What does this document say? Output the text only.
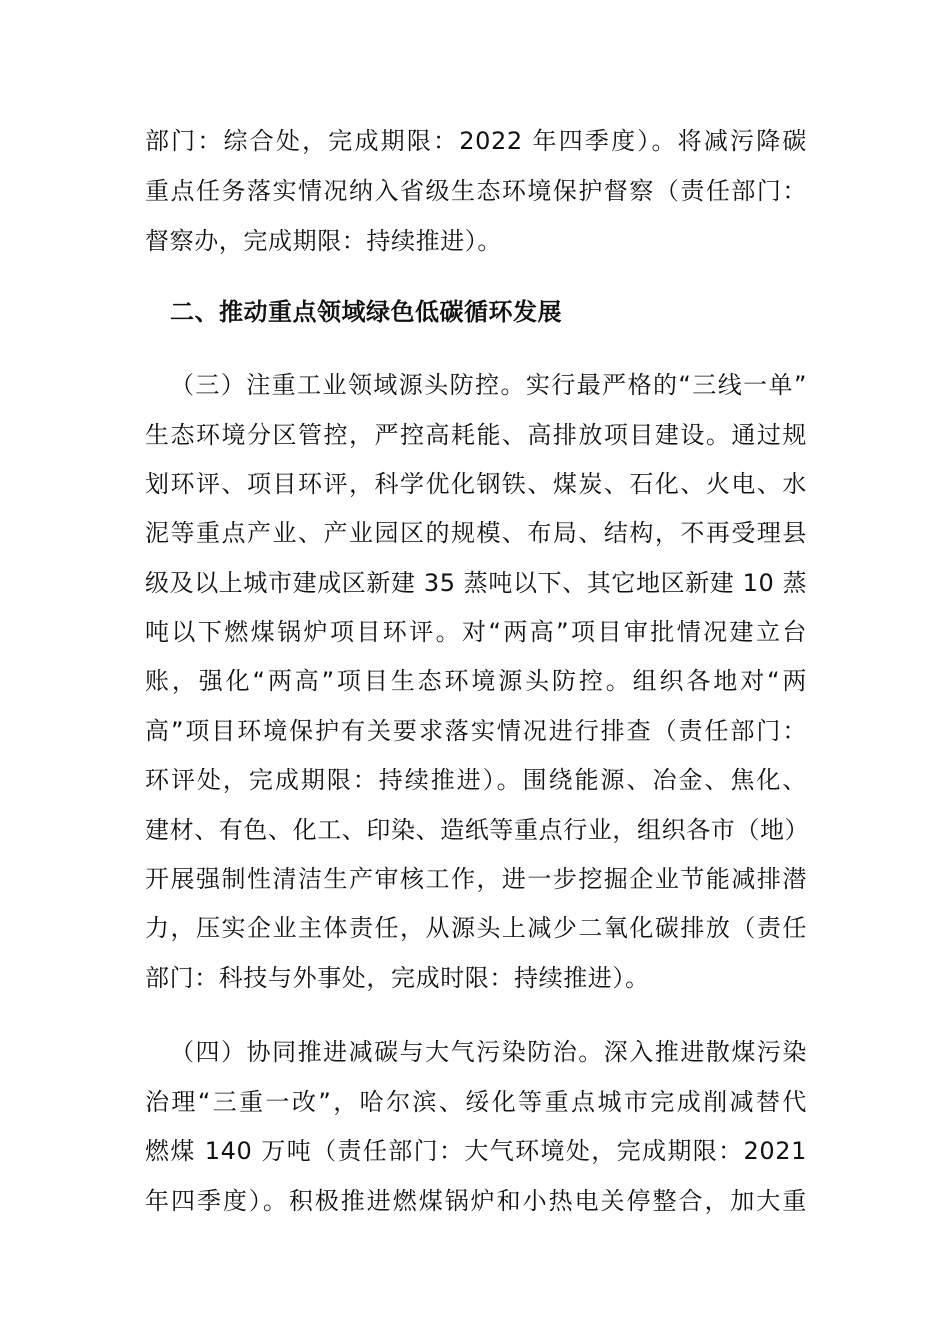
部门：综合处，完成期限：2022 年四季度）。将减污降碳
重点任务落实情况纳入省级生态环境保护督察（责任部门：
督察办，完成期限：持续推进）。
二、推动重点领域绿色低碳循环发展
（三）注重工业领域源头防控。实行最严格的“三线一单”
生态环境分区管控，严控高耗能、高排放项目建设。通过规
划环评、项目环评，科学优化钢铁、煤炭、石化、火电、水
泥等重点产业、产业园区的规模、布局、结构，不再受理县
级及以上城市建成区新建 35 蒸吨以下、其它地区新建 10 蒸
吨以下燃煤锅炉项目环评。对“两高”项目审批情况建立台
账，强化“两高”项目生态环境源头防控。组织各地对“两
高”项目环境保护有关要求落实情况进行排查（责任部门：
环评处，完成期限：持续推进）。围绕能源、冶金、焦化、
建材、有色、化工、印染、造纸等重点行业，组织各市（地）
开展强制性清洁生产审核工作，进一步挖掘企业节能减排潜
力，压实企业主体责任，从源头上减少二氧化碳排放（责任
部门：科技与外事处，完成时限：持续推进）。
（四）协同推进减碳与大气污染防治。深入推进散煤污染
治理“三重一改”，哈尔滨、绥化等重点城市完成削减替代
燃煤 140 万吨（责任部门：大气环境处，完成期限：2021
年四季度）。积极推进燃煤锅炉和小热电关停整合，加大重
